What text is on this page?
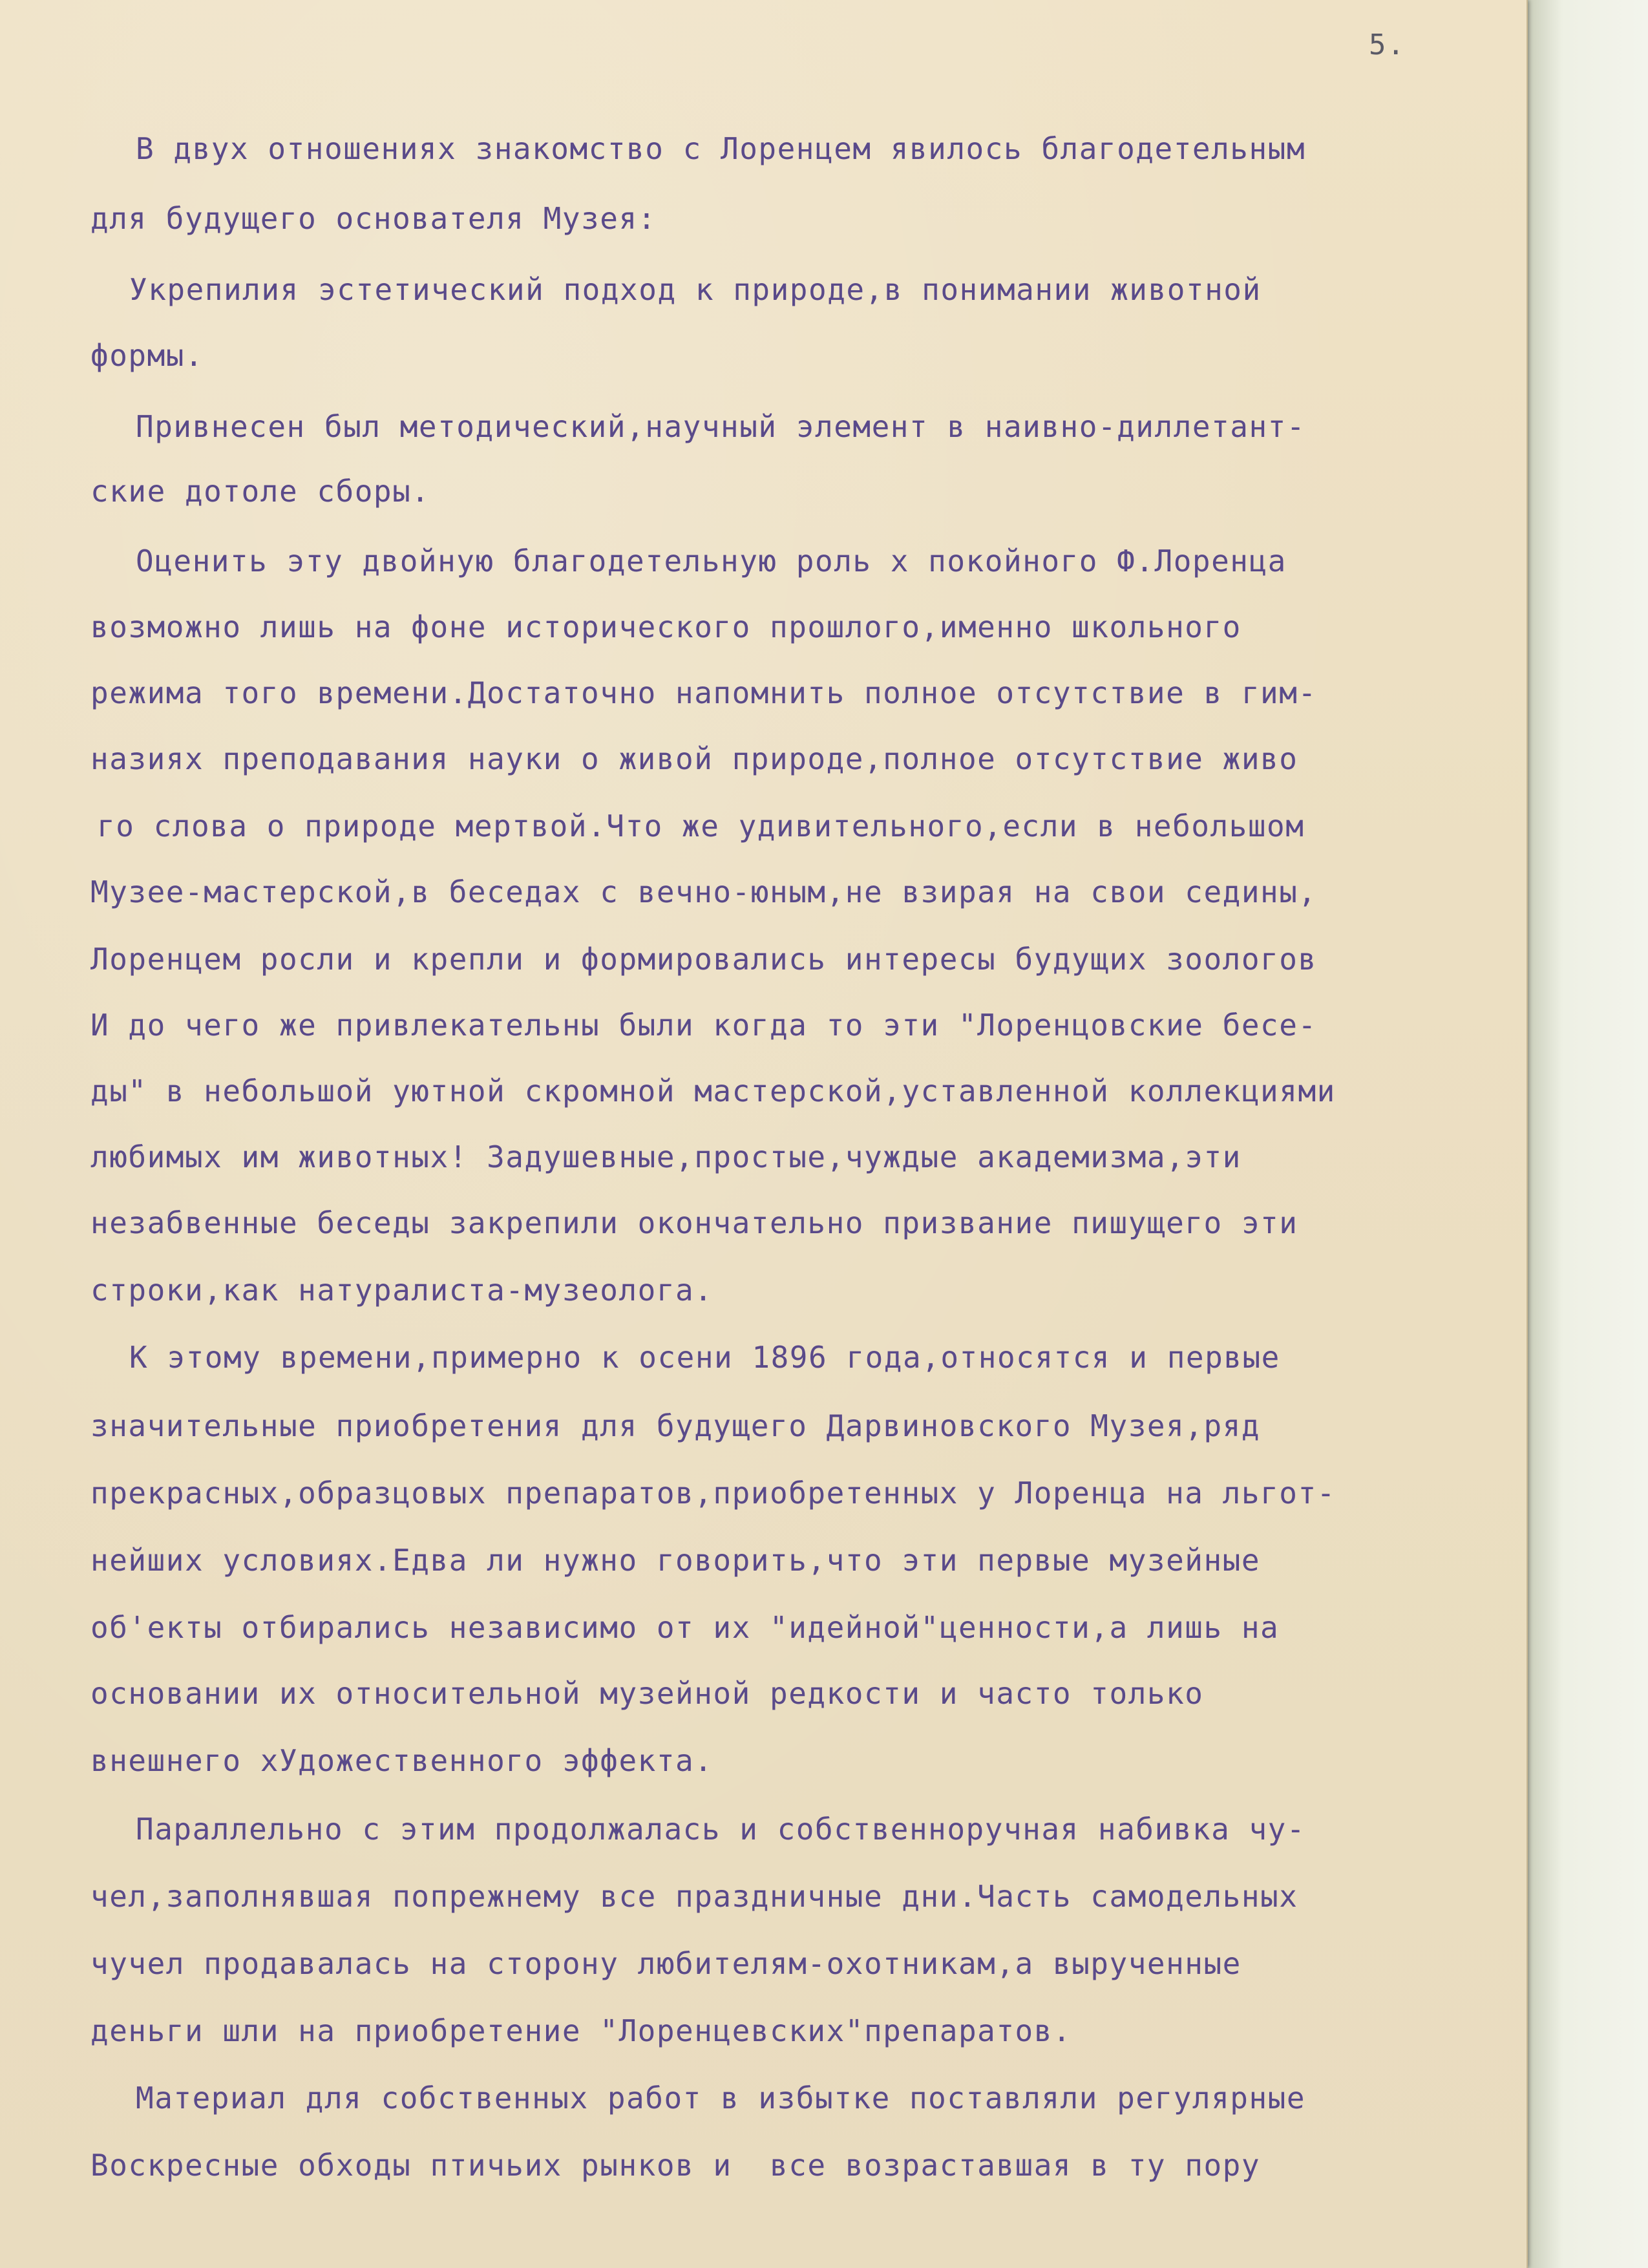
5.
В двух отношениях знакомство с Лоренцем явилось благодетельным
для будущего основателя Музея:
Укрепилия эстетический подход к природе,в понимании животной
формы.
Привнесен был методический,научный элемент в наивно-диллетант-
ские дотоле сборы.
Оценить эту двойную благодетельную роль х покойного Ф.Лоренца
возможно лишь на фоне исторического прошлого,именно школьного
режима того времени.Достаточно напомнить полное отсутствие в гим-
назиях преподавания науки о живой природе,полное отсутствие живо
го слова о природе мертвой.Что же удивительного,если в небольшом
Музее-мастерской,в беседах с вечно-юным,не взирая на свои седины,
Лоренцем росли и крепли и формировались интересы будущих зоологов
И до чего же привлекательны были когда то эти "Лоренцовские бесе-
ды" в небольшой уютной скромной мастерской,уставленной коллекциями
любимых им животных! Задушевные,простые,чуждые академизма,эти
незабвенные беседы закрепили окончательно призвание пишущего эти
строки,как натуралиста-музеолога.
К этому времени,примерно к осени 1896 года,относятся и первые
значительные приобретения для будущего Дарвиновского Музея,ряд
прекрасных,образцовых препаратов,приобретенных у Лоренца на льгот-
нейших условиях.Едва ли нужно говорить,что эти первые музейные
об'екты отбирались независимо от их "идейной"ценности,а лишь на
основании их относительной музейной редкости и часто только
внешнего хУдожественного эффекта.
Параллельно с этим продолжалась и собственноручная набивка чу-
чел,заполнявшая попрежнему все праздничные дни.Часть самодельных
чучел продавалась на сторону любителям-охотникам,а вырученные
деньги шли на приобретение "Лоренцевских"препаратов.
Материал для собственных работ в избытке поставляли регулярные
Воскресные обходы птичьих рынков и  все возраставшая в ту пору
